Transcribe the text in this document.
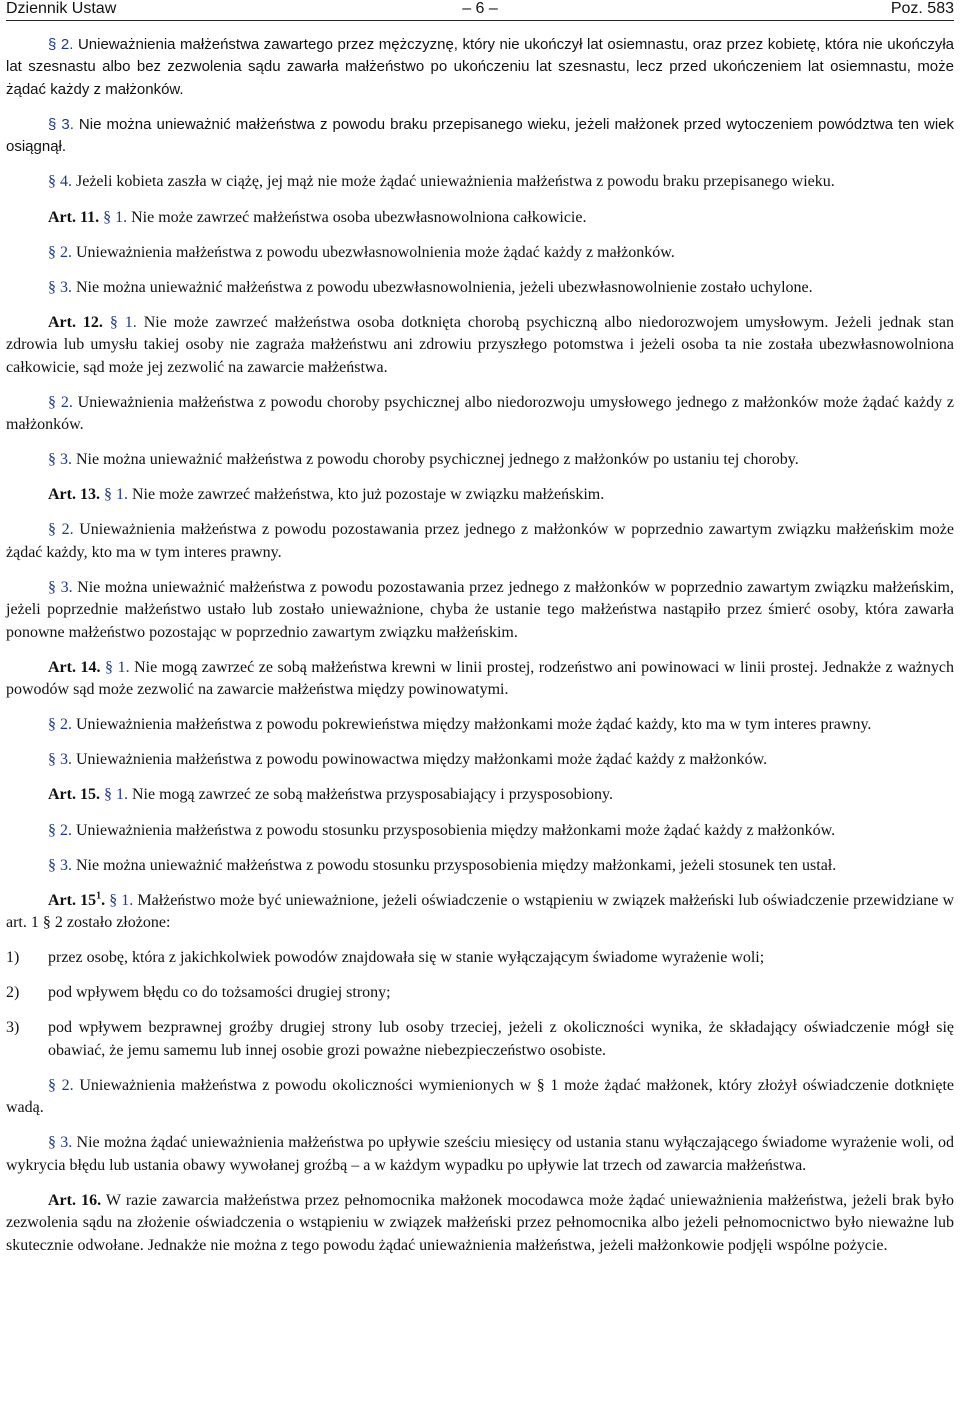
Dziennik Ustaw	– 6 –	Poz. 583

§ 2. Unieważnienia małżeństwa zawartego przez mężczyznę, który nie ukończył lat osiemnastu, oraz przez kobietę, która nie ukończyła lat szesnastu albo bez zezwolenia sądu zawarła małżeństwo po ukończeniu lat szesnastu, lecz przed ukończeniem lat osiemnastu, może żądać każdy z małżonków.

§ 3. Nie można unieważnić małżeństwa z powodu braku przepisanego wieku, jeżeli małżonek przed wytoczeniem powództwa ten wiek osiągnął.

§ 4. Jeżeli kobieta zaszła w ciążę, jej mąż nie może żądać unieważnienia małżeństwa z powodu braku przepisanego wieku.

Art. 11. § 1. Nie może zawrzeć małżeństwa osoba ubezwłasnowolniona całkowicie.

§ 2. Unieważnienia małżeństwa z powodu ubezwłasnowolnienia może żądać każdy z małżonków.

§ 3. Nie można unieważnić małżeństwa z powodu ubezwłasnowolnienia, jeżeli ubezwłasnowolnienie zostało uchylone.

Art. 12. § 1. Nie może zawrzeć małżeństwa osoba dotknięta chorobą psychiczną albo niedorozwojem umysłowym. Jeżeli jednak stan zdrowia lub umysłu takiej osoby nie zagraża małżeństwu ani zdrowiu przyszłego potomstwa i jeżeli osoba ta nie została ubezwłasnowolniona całkowicie, sąd może jej zezwolić na zawarcie małżeństwa.

§ 2. Unieważnienia małżeństwa z powodu choroby psychicznej albo niedorozwoju umysłowego jednego z małżonków może żądać każdy z małżonków.

§ 3. Nie można unieważnić małżeństwa z powodu choroby psychicznej jednego z małżonków po ustaniu tej choroby.

Art. 13. § 1. Nie może zawrzeć małżeństwa, kto już pozostaje w związku małżeńskim.

§ 2. Unieważnienia małżeństwa z powodu pozostawania przez jednego z małżonków w poprzednio zawartym związku małżeńskim może żądać każdy, kto ma w tym interes prawny.

§ 3. Nie można unieważnić małżeństwa z powodu pozostawania przez jednego z małżonków w poprzednio zawartym związku małżeńskim, jeżeli poprzednie małżeństwo ustało lub zostało unieważnione, chyba że ustanie tego małżeństwa nastąpiło przez śmierć osoby, która zawarła ponowne małżeństwo pozostając w poprzednio zawartym związku małżeńskim.

Art. 14. § 1. Nie mogą zawrzeć ze sobą małżeństwa krewni w linii prostej, rodzeństwo ani powinowaci w linii prostej. Jednakże z ważnych powodów sąd może zezwolić na zawarcie małżeństwa między powinowatymi.

§ 2. Unieważnienia małżeństwa z powodu pokrewieństwa między małżonkami może żądać każdy, kto ma w tym interes prawny.

§ 3. Unieważnienia małżeństwa z powodu powinowactwa między małżonkami może żądać każdy z małżonków.

Art. 15. § 1. Nie mogą zawrzeć ze sobą małżeństwa przysposabiający i przysposobiony.

§ 2. Unieważnienia małżeństwa z powodu stosunku przysposobienia między małżonkami może żądać każdy z małżonków.

§ 3. Nie można unieważnić małżeństwa z powodu stosunku przysposobienia między małżonkami, jeżeli stosunek ten ustał.

Art. $15^1$. § 1. Małżeństwo może być unieważnione, jeżeli oświadczenie o wstąpieniu w związek małżeński lub oświadczenie przewidziane w art. 1 § 2 zostało złożone:

1) przez osobę, która z jakichkolwiek powodów znajdowała się w stanie wyłączającym świadome wyrażenie woli;
2) pod wpływem błędu co do tożsamości drugiej strony;
3) pod wpływem bezprawnej groźby drugiej strony lub osoby trzeciej, jeżeli z okoliczności wynika, że składający oświadczenie mógł się obawiać, że jemu samemu lub innej osobie grozi poważne niebezpieczeństwo osobiste.

§ 2. Unieważnienia małżeństwa z powodu okoliczności wymienionych w § 1 może żądać małżonek, który złożył oświadczenie dotknięte wadą.

§ 3. Nie można żądać unieważnienia małżeństwa po upływie sześciu miesięcy od ustania stanu wyłączającego świadome wyrażenie woli, od wykrycia błędu lub ustania obawy wywołanej groźbą – a w każdym wypadku po upływie lat trzech od zawarcia małżeństwa.

Art. 16. W razie zawarcia małżeństwa przez pełnomocnika małżonek mocodawca może żądać unieważnienia małżeństwa, jeżeli brak było zezwolenia sądu na złożenie oświadczenia o wstąpieniu w związek małżeński przez pełnomocnika albo jeżeli pełnomocnictwo było nieważne lub skutecznie odwołane. Jednakże nie można z tego powodu żądać unieważnienia małżeństwa, jeżeli małżonkowie podjęli wspólne pożycie.
